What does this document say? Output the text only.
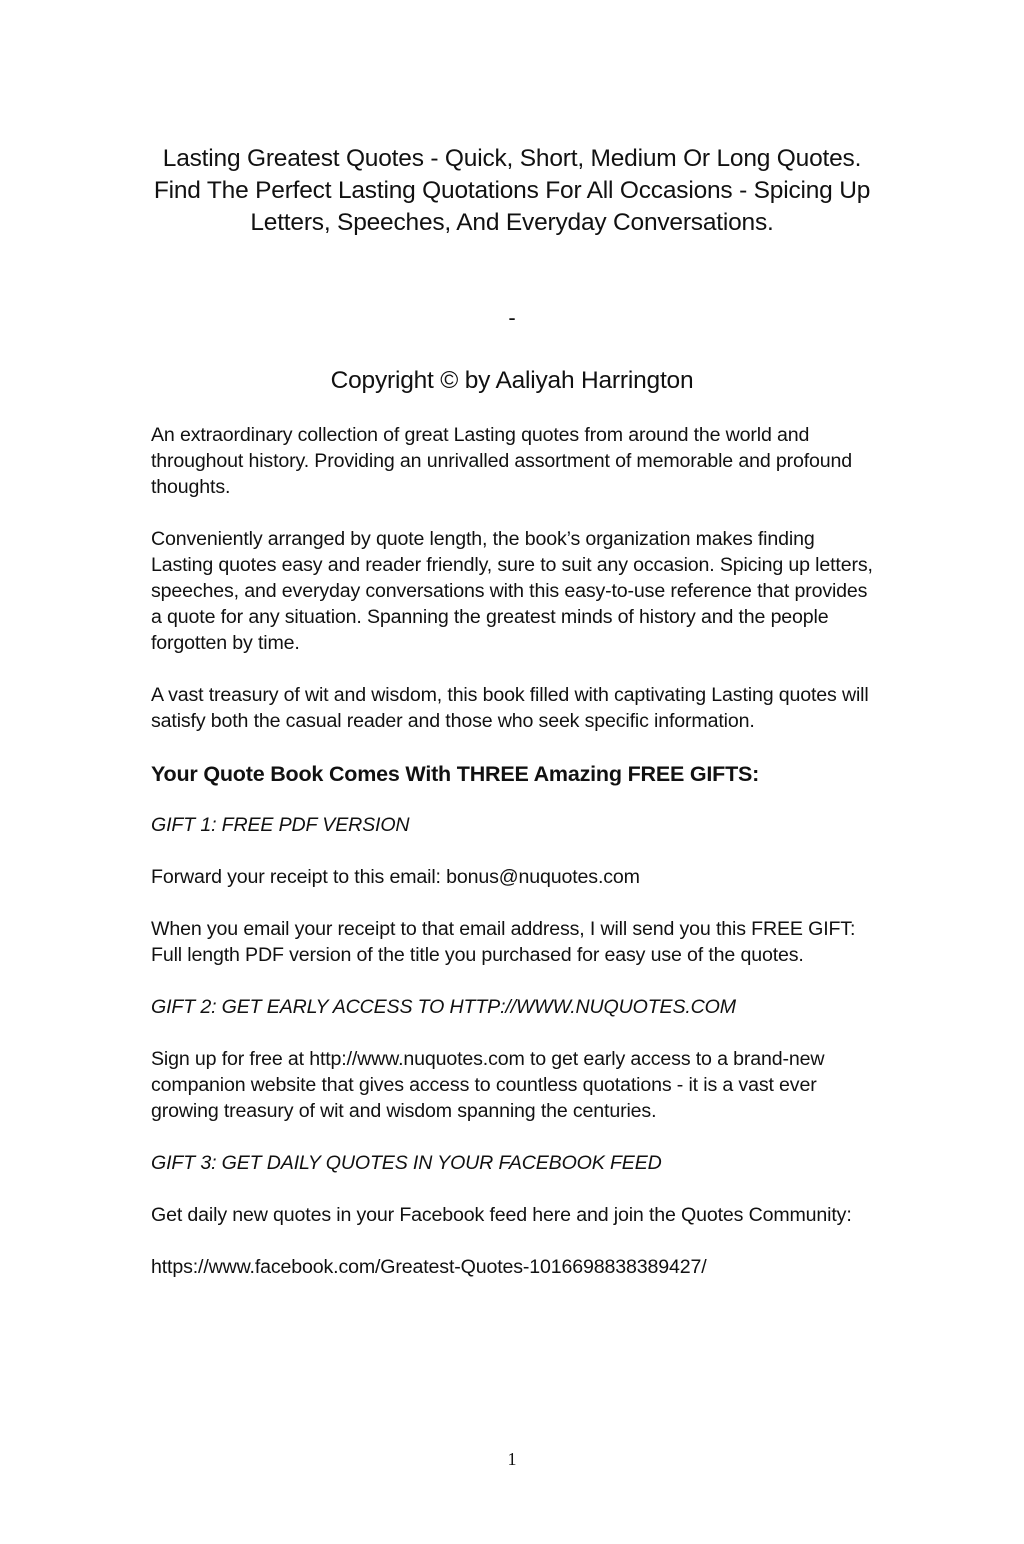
Lasting Greatest Quotes - Quick, Short, Medium Or Long Quotes. Find The Perfect Lasting Quotations For All Occasions - Spicing Up Letters, Speeches, And Everyday Conversations.
-
Copyright © by Aaliyah Harrington

An extraordinary collection of great Lasting quotes from around the world and throughout history. Providing an unrivalled assortment of memorable and profound thoughts.

Conveniently arranged by quote length, the book’s organization makes finding Lasting quotes easy and reader friendly, sure to suit any occasion. Spicing up letters, speeches, and everyday conversations with this easy-to-use reference that provides a quote for any situation. Spanning the greatest minds of history and the people forgotten by time.

A vast treasury of wit and wisdom, this book filled with captivating Lasting quotes will satisfy both the casual reader and those who seek specific information.

Your Quote Book Comes With THREE Amazing FREE GIFTS:

GIFT 1: FREE PDF VERSION

Forward your receipt to this email: bonus@nuquotes.com

When you email your receipt to that email address, I will send you this FREE GIFT: Full length PDF version of the title you purchased for easy use of the quotes.

GIFT 2: GET EARLY ACCESS TO HTTP://WWW.NUQUOTES.COM

Sign up for free at http://www.nuquotes.com to get early access to a brand-new companion website that gives access to countless quotations - it is a vast ever growing treasury of wit and wisdom spanning the centuries.

GIFT 3: GET DAILY QUOTES IN YOUR FACEBOOK FEED

Get daily new quotes in your Facebook feed here and join the Quotes Community:

https://www.facebook.com/Greatest-Quotes-1016698838389427/

1
